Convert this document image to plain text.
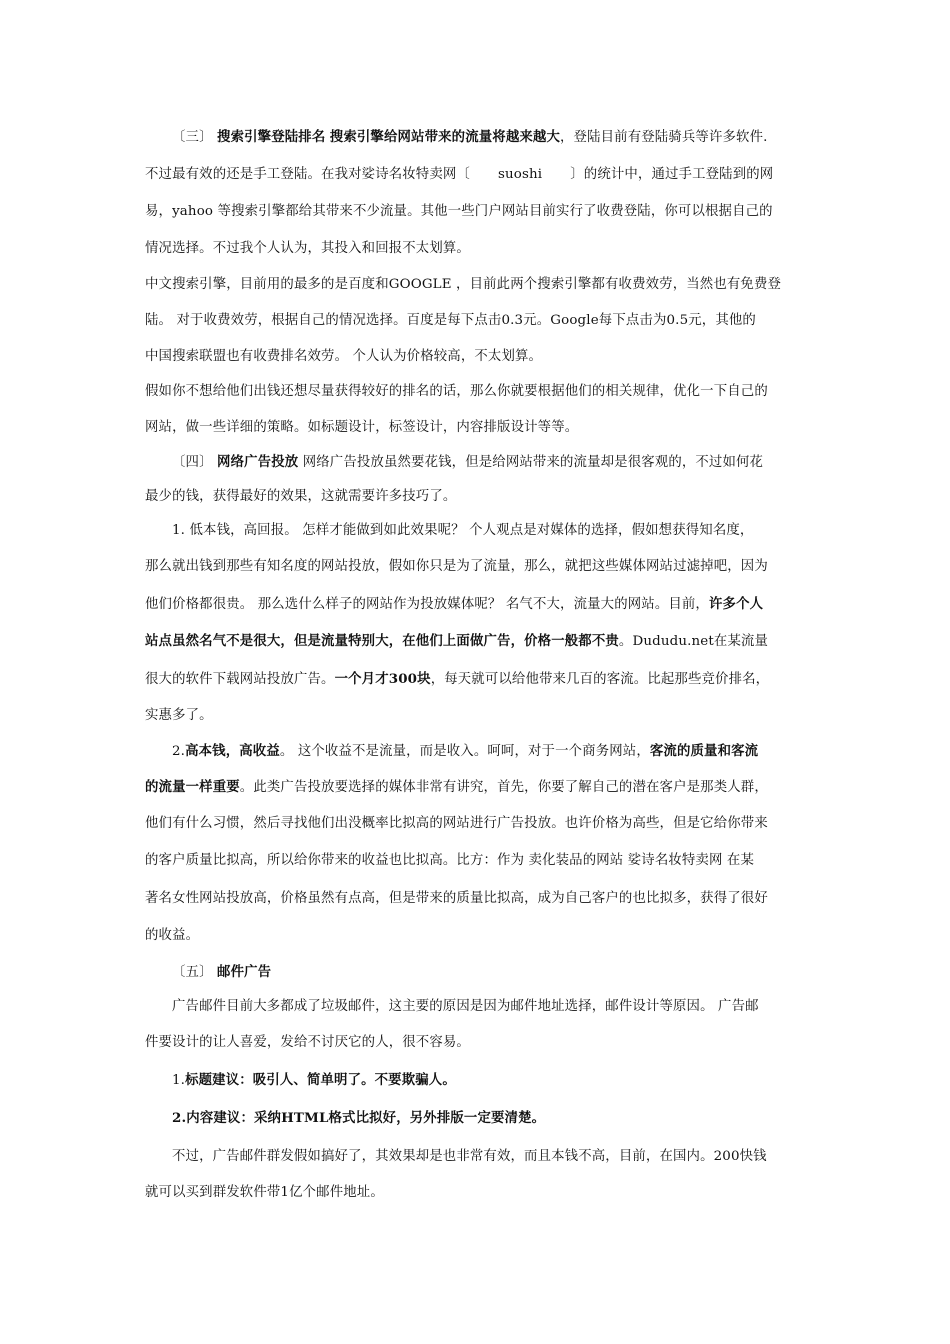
〔三〕 搜索引擎登陆排名 搜索引擎给网站带来的流量将越来越大，登陆目前有登陆骑兵等许多软件.
不过最有效的还是手工登陆。在我对娑诗名妆特卖网〔 suoshi 〕的统计中，通过手工登陆到的网
易，yahoo 等搜索引擎都给其带来不少流量。其他一些门户网站目前实行了收费登陆，你可以根据自己的
情况选择。不过我个人认为，其投入和回报不太划算。
中文搜索引擎，目前用的最多的是百度和GOOGLE ，目前此两个搜索引擎都有收费效劳，当然也有免费登
陆。 对于收费效劳，根据自己的情况选择。百度是每下点击0.3元。Google每下点击为0.5元，其他的
中国搜索联盟也有收费排名效劳。 个人认为价格较高，不太划算。
假如你不想给他们出钱还想尽量获得较好的排名的话，那么你就要根据他们的相关规律，优化一下自己的
网站，做一些详细的策略。如标题设计，标签设计，内容排版设计等等。
〔四〕 网络广告投放 网络广告投放虽然要花钱，但是给网站带来的流量却是很客观的，不过如何花
最少的钱，获得最好的效果，这就需要许多技巧了。
1. 低本钱，高回报。 怎样才能做到如此效果呢？ 个人观点是对媒体的选择，假如想获得知名度，
那么就出钱到那些有知名度的网站投放，假如你只是为了流量，那么，就把这些媒体网站过滤掉吧，因为
他们价格都很贵。 那么选什么样子的网站作为投放媒体呢？ 名气不大，流量大的网站。目前，许多个人
站点虽然名气不是很大，但是流量特别大，在他们上面做广告，价格一般都不贵。Dududu.net在某流量
很大的软件下载网站投放广告。一个月才300块，每天就可以给他带来几百的客流。比起那些竞价排名，
实惠多了。
2.高本钱，高收益。 这个收益不是流量，而是收入。呵呵，对于一个商务网站，客流的质量和客流
的流量一样重要。此类广告投放要选择的媒体非常有讲究，首先，你要了解自己的潜在客户是那类人群，
他们有什么习惯，然后寻找他们出没概率比拟高的网站进行广告投放。也许价格为高些，但是它给你带来
的客户质量比拟高，所以给你带来的收益也比拟高。比方：作为 卖化装品的网站 娑诗名妆特卖网 在某
著名女性网站投放高，价格虽然有点高，但是带来的质量比拟高，成为自己客户的也比拟多，获得了很好
的收益。
〔五〕 邮件广告
广告邮件目前大多都成了垃圾邮件，这主要的原因是因为邮件地址选择，邮件设计等原因。 广告邮
件要设计的让人喜爱，发给不讨厌它的人，很不容易。
1.标题建议：吸引人、简单明了。不要欺骗人。
2.内容建议：采纳HTML格式比拟好，另外排版一定要清楚。
不过，广告邮件群发假如搞好了，其效果却是也非常有效，而且本钱不高，目前，在国内。200快钱
就可以买到群发软件带1亿个邮件地址。
